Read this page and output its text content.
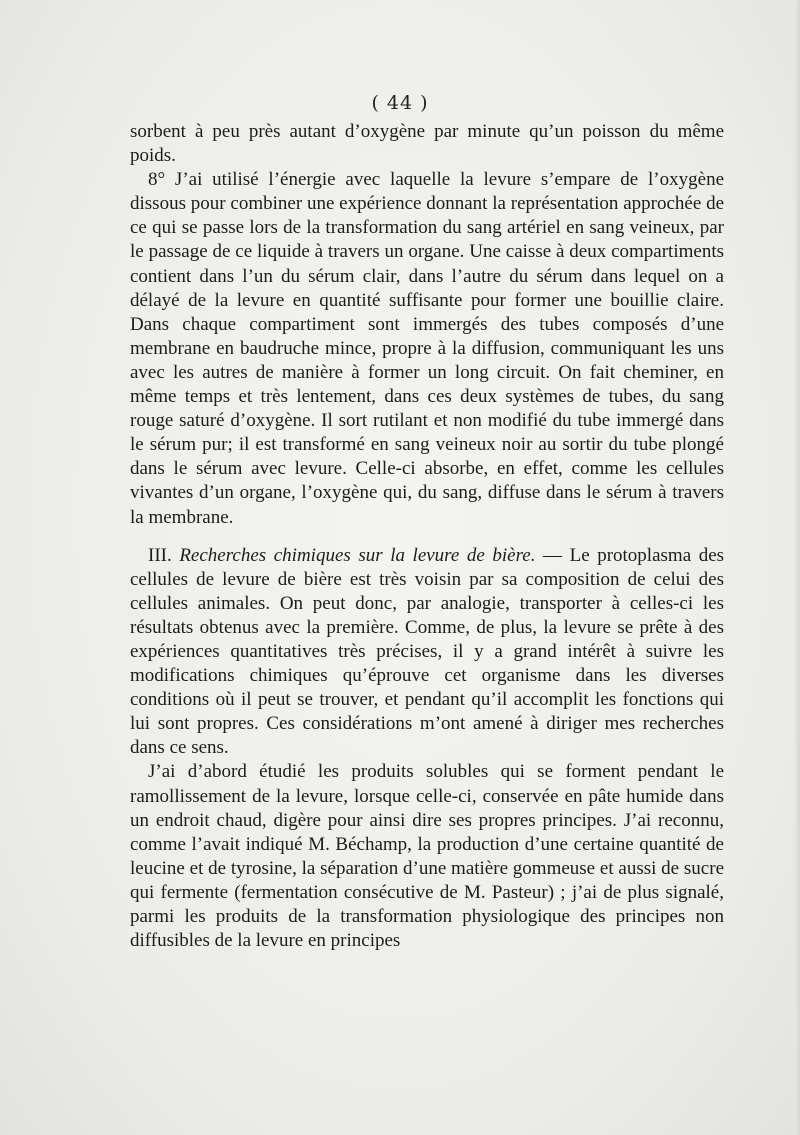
( 44 )

sorbent à peu près autant d’oxygène par minute qu’un poisson du même poids.

8° J’ai utilisé l’énergie avec laquelle la levure s’empare de l’oxygène dissous pour combiner une expérience donnant la représentation approchée de ce qui se passe lors de la transformation du sang artériel en sang veineux, par le passage de ce liquide à travers un organe. Une caisse à deux compartiments contient dans l’un du sérum clair, dans l’autre du sérum dans lequel on a délayé de la levure en quantité suffisante pour former une bouillie claire. Dans chaque compartiment sont immergés des tubes composés d’une membrane en baudruche mince, propre à la diffusion, communiquant les uns avec les autres de manière à former un long circuit. On fait cheminer, en même temps et très lentement, dans ces deux systèmes de tubes, du sang rouge saturé d’oxygène. Il sort rutilant et non modifié du tube immergé dans le sérum pur; il est transformé en sang veineux noir au sortir du tube plongé dans le sérum avec levure. Celle-ci absorbe, en effet, comme les cellules vivantes d’un organe, l’oxygène qui, du sang, diffuse dans le sérum à travers la membrane.

III. Recherches chimiques sur la levure de bière. — Le protoplasma des cellules de levure de bière est très voisin par sa composition de celui des cellules animales. On peut donc, par analogie, transporter à celles-ci les résultats obtenus avec la première. Comme, de plus, la levure se prête à des expériences quantitatives très précises, il y a grand intérêt à suivre les modifications chimiques qu’éprouve cet organisme dans les diverses conditions où il peut se trouver, et pendant qu’il accomplit les fonctions qui lui sont propres. Ces considérations m’ont amené à diriger mes recherches dans ce sens.

J’ai d’abord étudié les produits solubles qui se forment pendant le ramollissement de la levure, lorsque celle-ci, conservée en pâte humide dans un endroit chaud, digère pour ainsi dire ses propres principes. J’ai reconnu, comme l’avait indiqué M. Béchamp, la production d’une certaine quantité de leucine et de tyrosine, la séparation d’une matière gommeuse et aussi de sucre qui fermente (fermentation consécutive de M. Pasteur) ; j’ai de plus signalé, parmi les produits de la transformation physiologique des principes non diffusibles de la levure en principes
